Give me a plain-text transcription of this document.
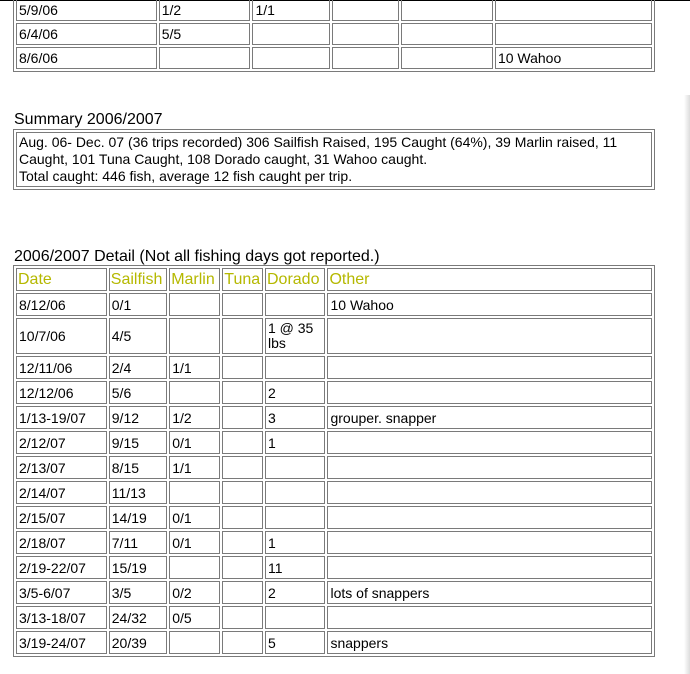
5/9/06	1/2	1/1			
6/4/06	5/5				
8/6/06					10 Wahoo
Summary 2006/2007
Aug. 06- Dec. 07 (36 trips recorded) 306 Sailfish Raised, 195 Caught (64%), 39 Marlin raised, 11 Caught, 101 Tuna Caught, 108 Dorado caught, 31 Wahoo caught.
Total caught: 446 fish, average 12 fish caught per trip.
2006/2007 Detail (Not all fishing days got reported.)
Date	Sailfish	Marlin	Tuna	Dorado	Other
8/12/06	0/1				10 Wahoo
10/7/06	4/5			1 @ 35 lbs	
12/11/06	2/4	1/1			
12/12/06	5/6			2	
1/13-19/07	9/12	1/2		3	grouper. snapper
2/12/07	9/15	0/1		1	
2/13/07	8/15	1/1			
2/14/07	11/13				
2/15/07	14/19	0/1			
2/18/07	7/11	0/1		1	
2/19-22/07	15/19			11	
3/5-6/07	3/5	0/2		2	lots of snappers
3/13-18/07	24/32	0/5			
3/19-24/07	20/39			5	snappers
